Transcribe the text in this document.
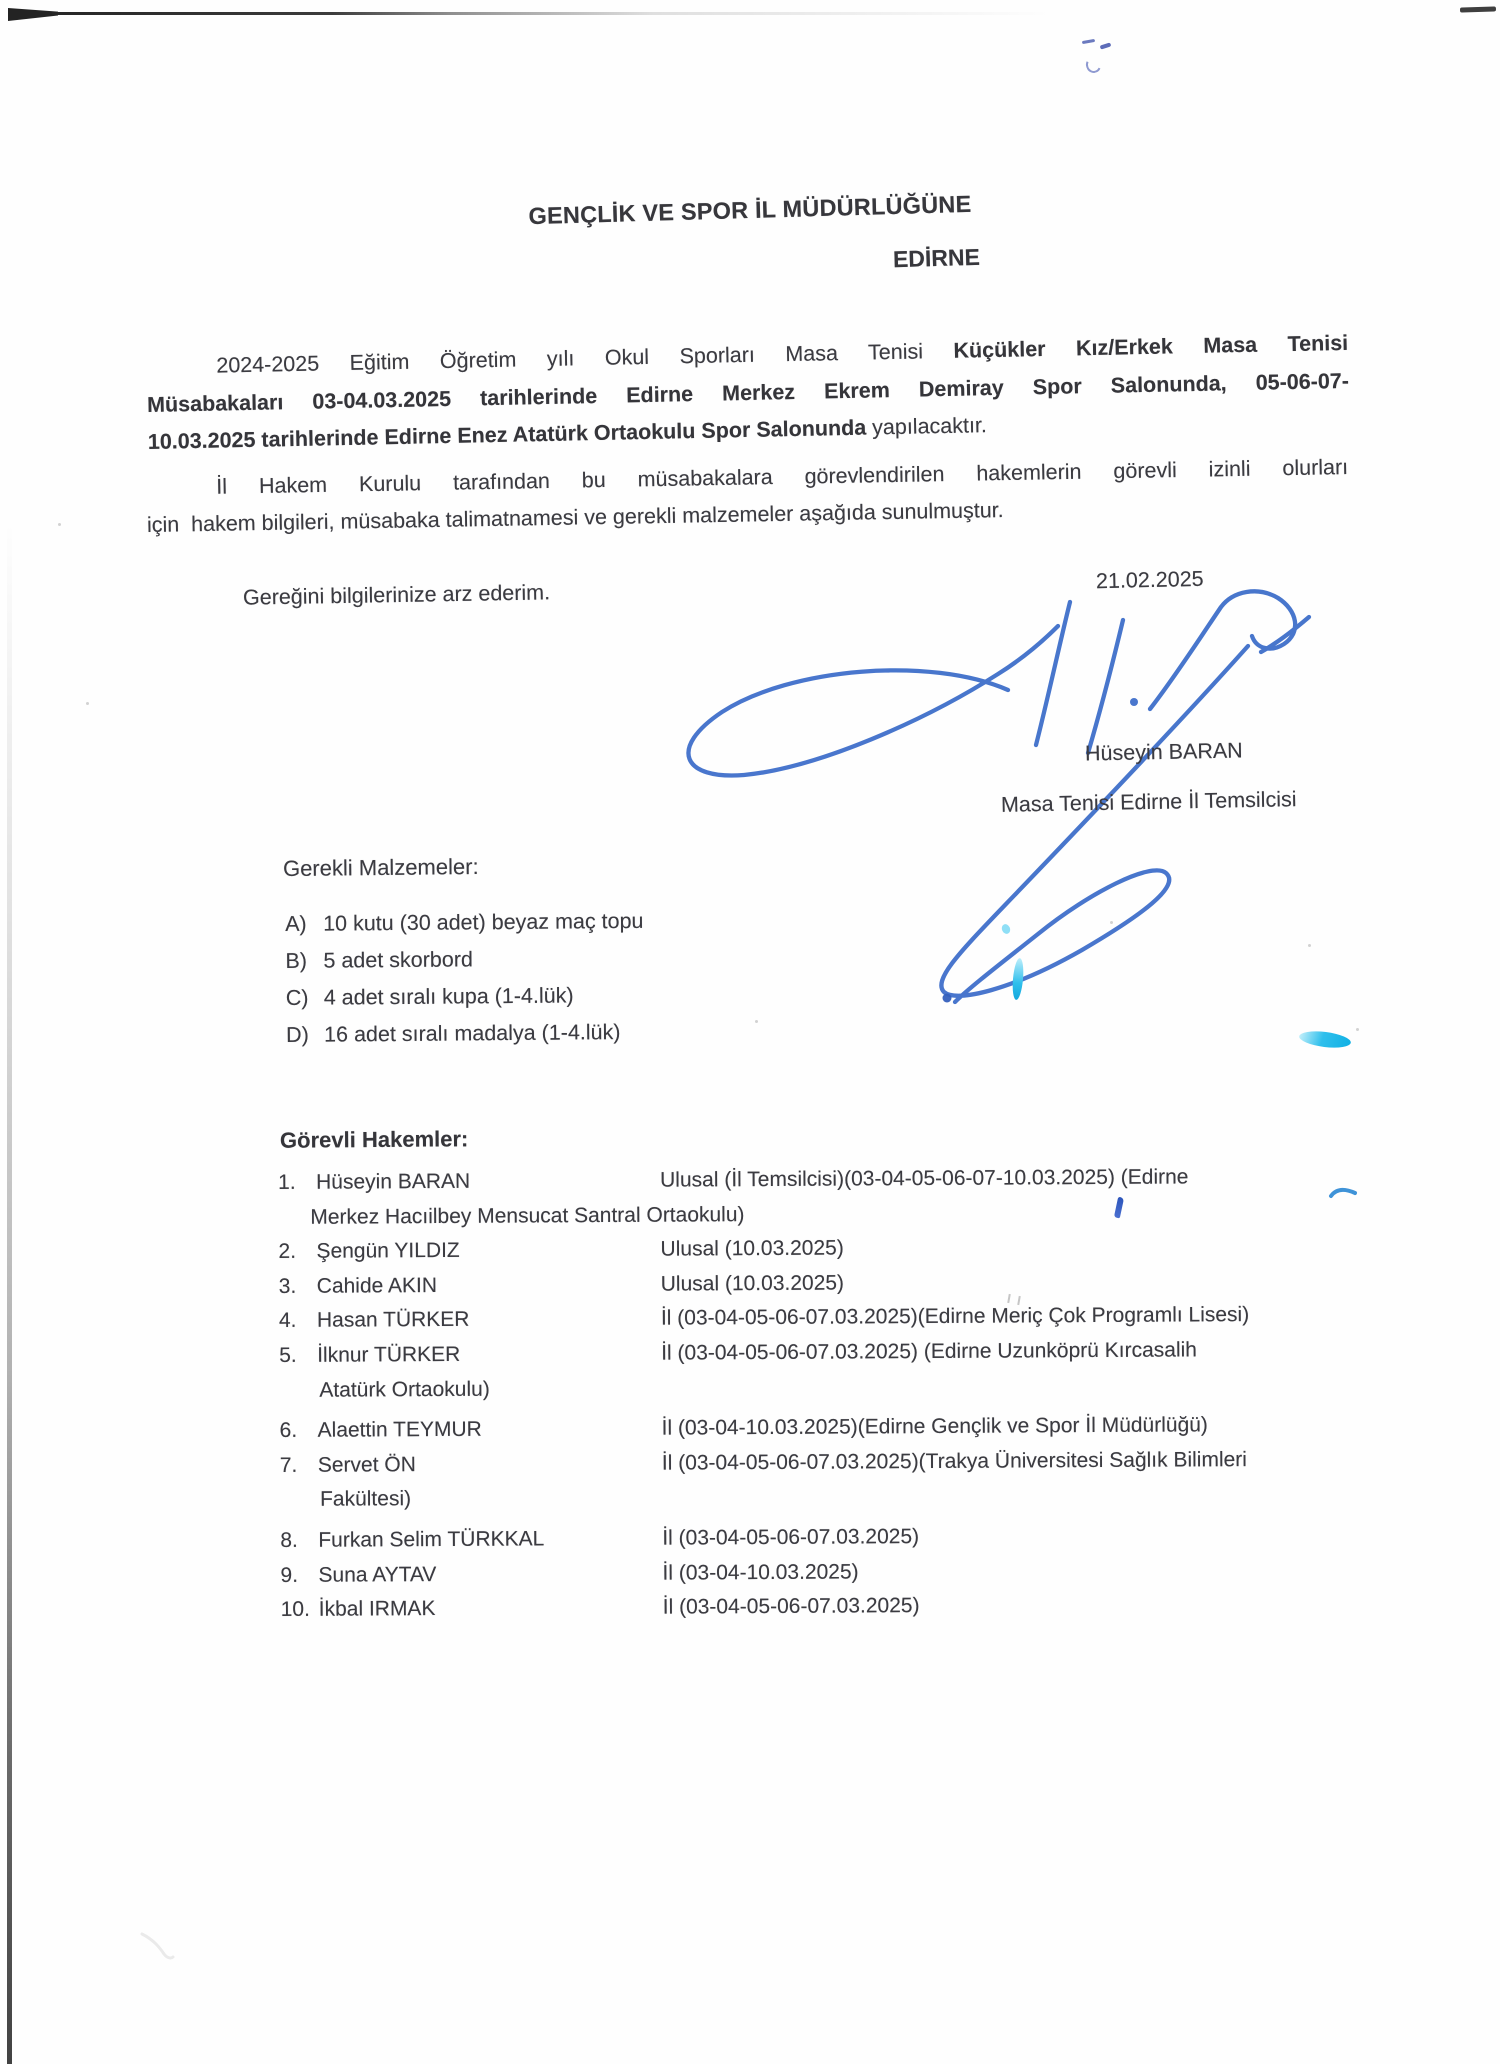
GENÇLİK VE SPOR İL MÜDÜRLÜĞÜNE
EDİRNE
2024-2025 Eğitim Öğretim yılı Okul Sporları Masa Tenisi Küçükler Kız/Erkek Masa Tenisi
Müsabakaları 03-04.03.2025 tarihlerinde Edirne Merkez Ekrem Demiray Spor Salonunda, 05-06-07-
10.03.2025 tarihlerinde Edirne Enez Atatürk Ortaokulu Spor Salonunda yapılacaktır.
İl Hakem Kurulu tarafından bu müsabakalara görevlendirilen hakemlerin görevli izinli olurları
için  hakem bilgileri, müsabaka talimatnamesi ve gerekli malzemeler aşağıda sunulmuştur.
Gereğini bilgilerinize arz ederim.
21.02.2025
Hüseyin BARAN
Masa Tenisi Edirne İl Temsilcisi
Gerekli Malzemeler:
A) 10 kutu (30 adet) beyaz maç topu
B) 5 adet skorbord
C) 4 adet sıralı kupa (1-4.lük)
D) 16 adet sıralı madalya (1-4.lük)
Görevli Hakemler:
1. Hüseyin BARAN	Ulusal (İl Temsilcisi)(03-04-05-06-07-10.03.2025) (Edirne
Merkez Hacıilbey Mensucat Santral Ortaokulu)
2. Şengün YILDIZ	Ulusal (10.03.2025)
3. Cahide AKIN	Ulusal (10.03.2025)
4. Hasan TÜRKER	İl (03-04-05-06-07.03.2025)(Edirne Meriç Çok Programlı Lisesi)
5. İlknur TÜRKER	İl (03-04-05-06-07.03.2025) (Edirne Uzunköprü Kırcasalih
Atatürk Ortaokulu)
6. Alaettin TEYMUR	İl (03-04-10.03.2025)(Edirne Gençlik ve Spor İl Müdürlüğü)
7. Servet ÖN	İl (03-04-05-06-07.03.2025)(Trakya Üniversitesi Sağlık Bilimleri
Fakültesi)
8. Furkan Selim TÜRKKAL	İl (03-04-05-06-07.03.2025)
9. Suna AYTAV	İl (03-04-10.03.2025)
10. İkbal IRMAK	İl (03-04-05-06-07.03.2025)
